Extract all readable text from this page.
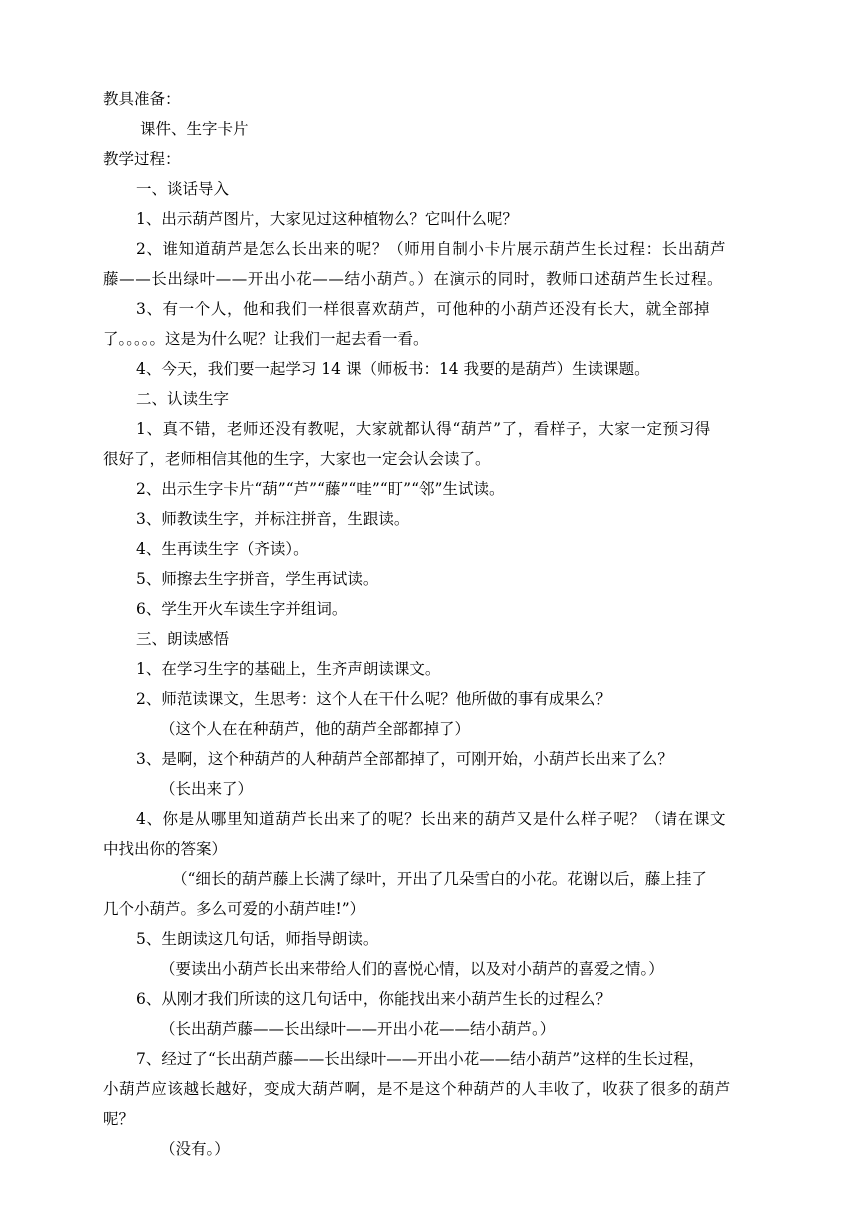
教具准备：
课件、生字卡片
教学过程：
一、谈话导入
1、出示葫芦图片，大家见过这种植物么？它叫什么呢？
2、谁知道葫芦是怎么长出来的呢？（师用自制小卡片展示葫芦生长过程：长出葫芦
藤——长出绿叶——开出小花——结小葫芦。）在演示的同时，教师口述葫芦生长过程。
3、有一个人，他和我们一样很喜欢葫芦，可他种的小葫芦还没有长大，就全部掉
了。。。。。这是为什么呢？让我们一起去看一看。
4、今天，我们要一起学习 14 课（师板书：14 我要的是葫芦）生读课题。
二、认读生字
1、真不错，老师还没有教呢，大家就都认得“葫芦”了，看样子，大家一定预习得
很好了，老师相信其他的生字，大家也一定会认会读了。
2、出示生字卡片“葫”“芦”“藤”“哇”“盯”“邻”生试读。
3、师教读生字，并标注拼音，生跟读。
4、生再读生字（齐读）。
5、师擦去生字拼音，学生再试读。
6、学生开火车读生字并组词。
三、朗读感悟
1、在学习生字的基础上，生齐声朗读课文。
2、师范读课文，生思考：这个人在干什么呢？他所做的事有成果么？
（这个人在在种葫芦，他的葫芦全部都掉了）
3、是啊，这个种葫芦的人种葫芦全部都掉了，可刚开始，小葫芦长出来了么？
（长出来了）
4、你是从哪里知道葫芦长出来了的呢？长出来的葫芦又是什么样子呢？（请在课文
中找出你的答案）
（“细长的葫芦藤上长满了绿叶，开出了几朵雪白的小花。花谢以后，藤上挂了
几个小葫芦。多么可爱的小葫芦哇!”）
5、生朗读这几句话，师指导朗读。
（要读出小葫芦长出来带给人们的喜悦心情，以及对小葫芦的喜爱之情。）
6、从刚才我们所读的这几句话中，你能找出来小葫芦生长的过程么？
（长出葫芦藤——长出绿叶——开出小花——结小葫芦。）
7、经过了“长出葫芦藤——长出绿叶——开出小花——结小葫芦”这样的生长过程，
小葫芦应该越长越好，变成大葫芦啊，是不是这个种葫芦的人丰收了，收获了很多的葫芦
呢？
（没有。）
